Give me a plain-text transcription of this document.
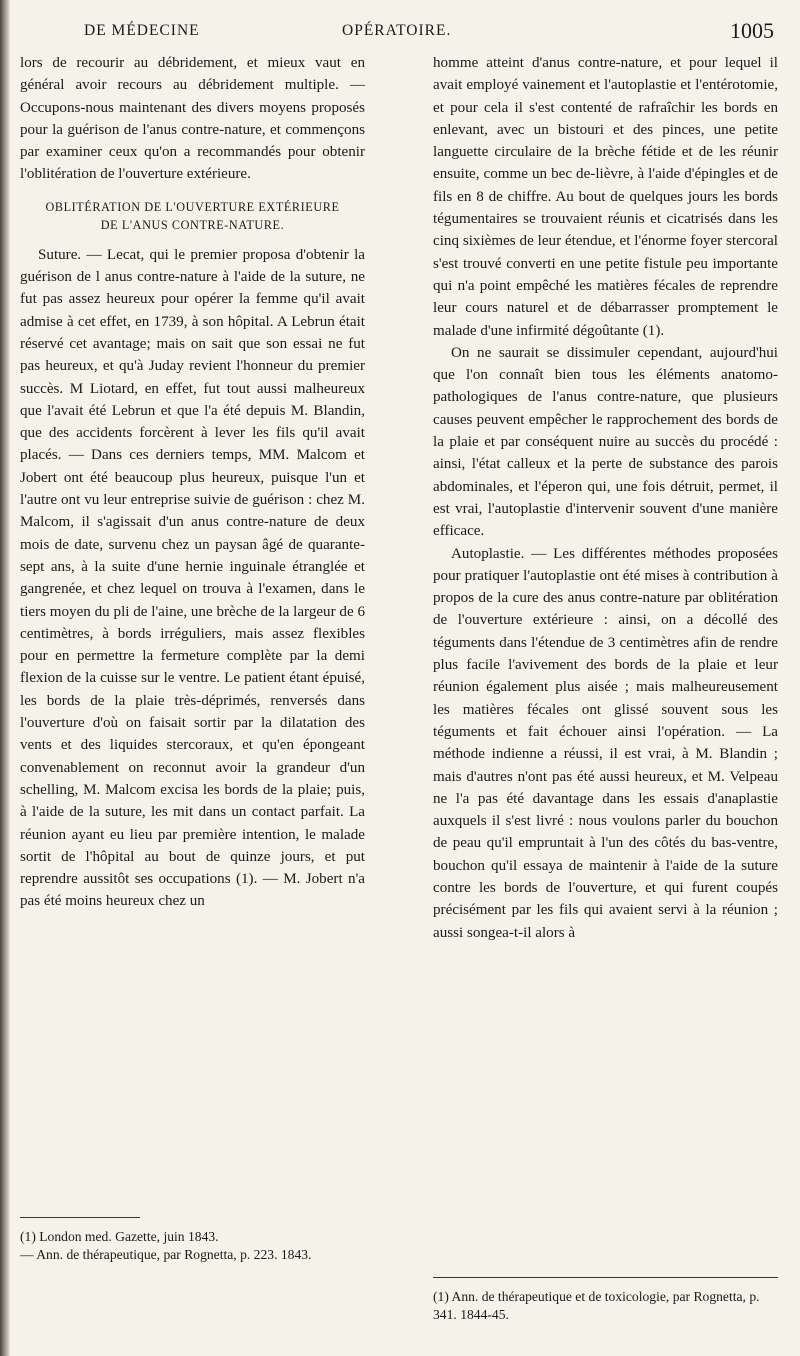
DE MÉDECINE	OPÉRATOIRE.	1005

lors de recourir au débridement, et mieux vaut en général avoir recours au débridement multiple. — Occupons-nous maintenant des divers moyens proposés pour la guérison de l'anus contre-nature, et commençons par examiner ceux qu'on a recommandés pour obtenir l'oblitération de l'ouverture extérieure.

OBLITÉRATION DE L'OUVERTURE EXTÉRIEURE
DE L'ANUS CONTRE-NATURE.

Suture. — Lecat, qui le premier proposa d'obtenir la guérison de l anus contre-nature à l'aide de la suture, ne fut pas assez heureux pour opérer la femme qu'il avait admise à cet effet, en 1739, à son hôpital. A Lebrun était réservé cet avantage; mais on sait que son essai ne fut pas heureux, et qu'à Juday revient l'honneur du premier succès. M Liotard, en effet, fut tout aussi malheureux que l'avait été Lebrun et que l'a été depuis M. Blandin, que des accidents forcèrent à lever les fils qu'il avait placés. — Dans ces derniers temps, MM. Malcom et Jobert ont été beaucoup plus heureux, puisque l'un et l'autre ont vu leur entreprise suivie de guérison : chez M. Malcom, il s'agissait d'un anus contre-nature de deux mois de date, survenu chez un paysan âgé de quarante-sept ans, à la suite d'une hernie inguinale étranglée et gangrenée, et chez lequel on trouva à l'examen, dans le tiers moyen du pli de l'aine, une brèche de la largeur de 6 centimètres, à bords irréguliers, mais assez flexibles pour en permettre la fermeture complète par la demi flexion de la cuisse sur le ventre. Le patient étant épuisé, les bords de la plaie très-déprimés, renversés dans l'ouverture d'où on faisait sortir par la dilatation des vents et des liquides stercoraux, et qu'en épongeant convenablement on reconnut avoir la grandeur d'un schelling, M. Malcom excisa les bords de la plaie; puis, à l'aide de la suture, les mit dans un contact parfait. La réunion ayant eu lieu par première intention, le malade sortit de l'hôpital au bout de quinze jours, et put reprendre aussitôt ses occupations (1). — M. Jobert n'a pas été moins heureux chez un

(1) London med. Gazette, juin 1843.

— Ann. de thérapeutique, par Rognetta, p. 223. 1843.

homme atteint d'anus contre-nature, et pour lequel il avait employé vainement et l'autoplastie et l'entérotomie, et pour cela il s'est contenté de rafraîchir les bords en enlevant, avec un bistouri et des pinces, une petite languette circulaire de la brèche fétide et de les réunir ensuite, comme un bec de-lièvre, à l'aide d'épingles et de fils en 8 de chiffre. Au bout de quelques jours les bords tégumentaires se trouvaient réunis et cicatrisés dans les cinq sixièmes de leur étendue, et l'énorme foyer stercoral s'est trouvé converti en une petite fistule peu importante qui n'a point empêché les matières fécales de reprendre leur cours naturel et de débarrasser promptement le malade d'une infirmité dégoûtante (1).

On ne saurait se dissimuler cependant, aujourd'hui que l'on connaît bien tous les éléments anatomo-pathologiques de l'anus contre-nature, que plusieurs causes peuvent empêcher le rapprochement des bords de la plaie et par conséquent nuire au succès du procédé : ainsi, l'état calleux et la perte de substance des parois abdominales, et l'éperon qui, une fois détruit, permet, il est vrai, l'autoplastie d'intervenir souvent d'une manière efficace.

Autoplastie. — Les différentes méthodes proposées pour pratiquer l'autoplastie ont été mises à contribution à propos de la cure des anus contre-nature par oblitération de l'ouverture extérieure : ainsi, on a décollé des téguments dans l'étendue de 3 centimètres afin de rendre plus facile l'avivement des bords de la plaie et leur réunion également plus aisée ; mais malheureusement les matières fécales ont glissé souvent sous les téguments et fait échouer ainsi l'opération. — La méthode indienne a réussi, il est vrai, à M. Blandin ; mais d'autres n'ont pas été aussi heureux, et M. Velpeau ne l'a pas été davantage dans les essais d'anaplastie auxquels il s'est livré : nous voulons parler du bouchon de peau qu'il empruntait à l'un des côtés du bas-ventre, bouchon qu'il essaya de maintenir à l'aide de la suture contre les bords de l'ouverture, et qui furent coupés précisément par les fils qui avaient servi à la réunion ; aussi songea-t-il alors à

(1) Ann. de thérapeutique et de toxicologie, par Rognetta, p. 341. 1844-45.
